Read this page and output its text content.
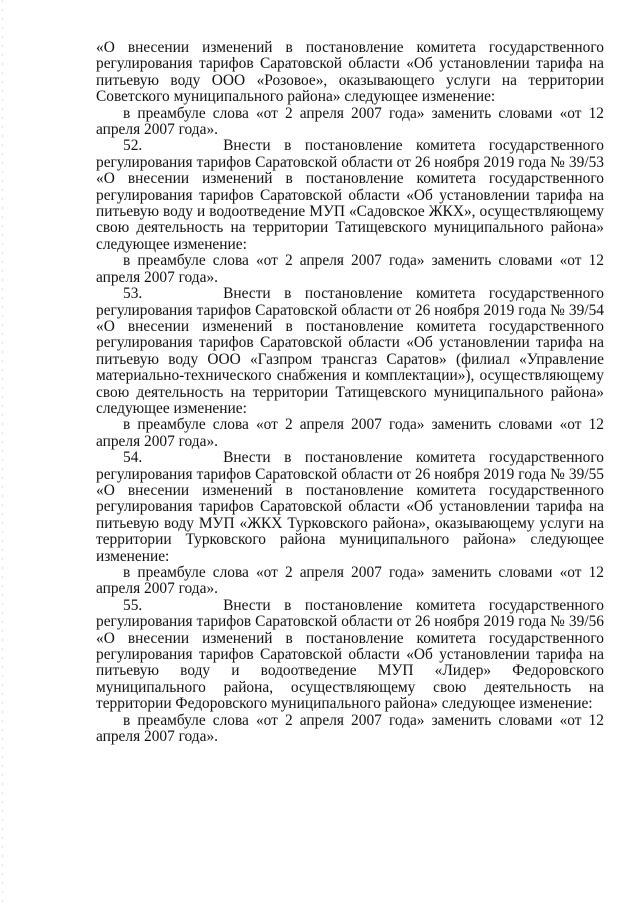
«О внесении изменений в постановление комитета государственного регулирования тарифов Саратовской области «Об установлении тарифа на питьевую воду ООО «Розовое», оказывающего услуги на территории Советского муниципального района» следующее изменение:

в преамбуле слова «от 2 апреля 2007 года» заменить словами «от 12 апреля 2007 года».

52.	Внести в постановление комитета государственного

регулирования тарифов Саратовской области от 26 ноября 2019 года № 39/53 «О внесении изменений в постановление комитета государственного регулирования тарифов Саратовской области «Об установлении тарифа на питьевую воду и водоотведение МУП «Садовское ЖКХ», осуществляющему свою деятельность на территории Татищевского муниципального района» следующее изменение:

в преамбуле слова «от 2 апреля 2007 года» заменить словами «от 12 апреля 2007 года».

53.	Внести в постановление комитета государственного

регулирования тарифов Саратовской области от 26 ноября 2019 года № 39/54 «О внесении изменений в постановление комитета государственного регулирования тарифов Саратовской области «Об установлении тарифа на питьевую воду ООО «Газпром трансгаз Саратов» (филиал «Управление материально-технического снабжения и комплектации»), осуществляющему свою деятельность на территории Татищевского муниципального района» следующее изменение:

в преамбуле слова «от 2 апреля 2007 года» заменить словами «от 12 апреля 2007 года».

54.	Внести в постановление комитета государственного

регулирования тарифов Саратовской области от 26 ноября 2019 года № 39/55 «О внесении изменений в постановление комитета государственного регулирования тарифов Саратовской области «Об установлении тарифа на питьевую воду МУП «ЖКХ Турковского района», оказывающему услуги на территории Турковского района муниципального района» следующее изменение:

в преамбуле слова «от 2 апреля 2007 года» заменить словами «от 12 апреля 2007 года».

55.	Внести в постановление комитета государственного

регулирования тарифов Саратовской области от 26 ноября 2019 года № 39/56 «О внесении изменений в постановление комитета государственного регулирования тарифов Саратовской области «Об установлении тарифа на питьевую воду и водоотведение МУП «Лидер» Федоровского муниципального района, осуществляющему свою деятельность на территории Федоровского муниципального района» следующее изменение:

в преамбуле слова «от 2 апреля 2007 года» заменить словами «от 12 апреля 2007 года».
